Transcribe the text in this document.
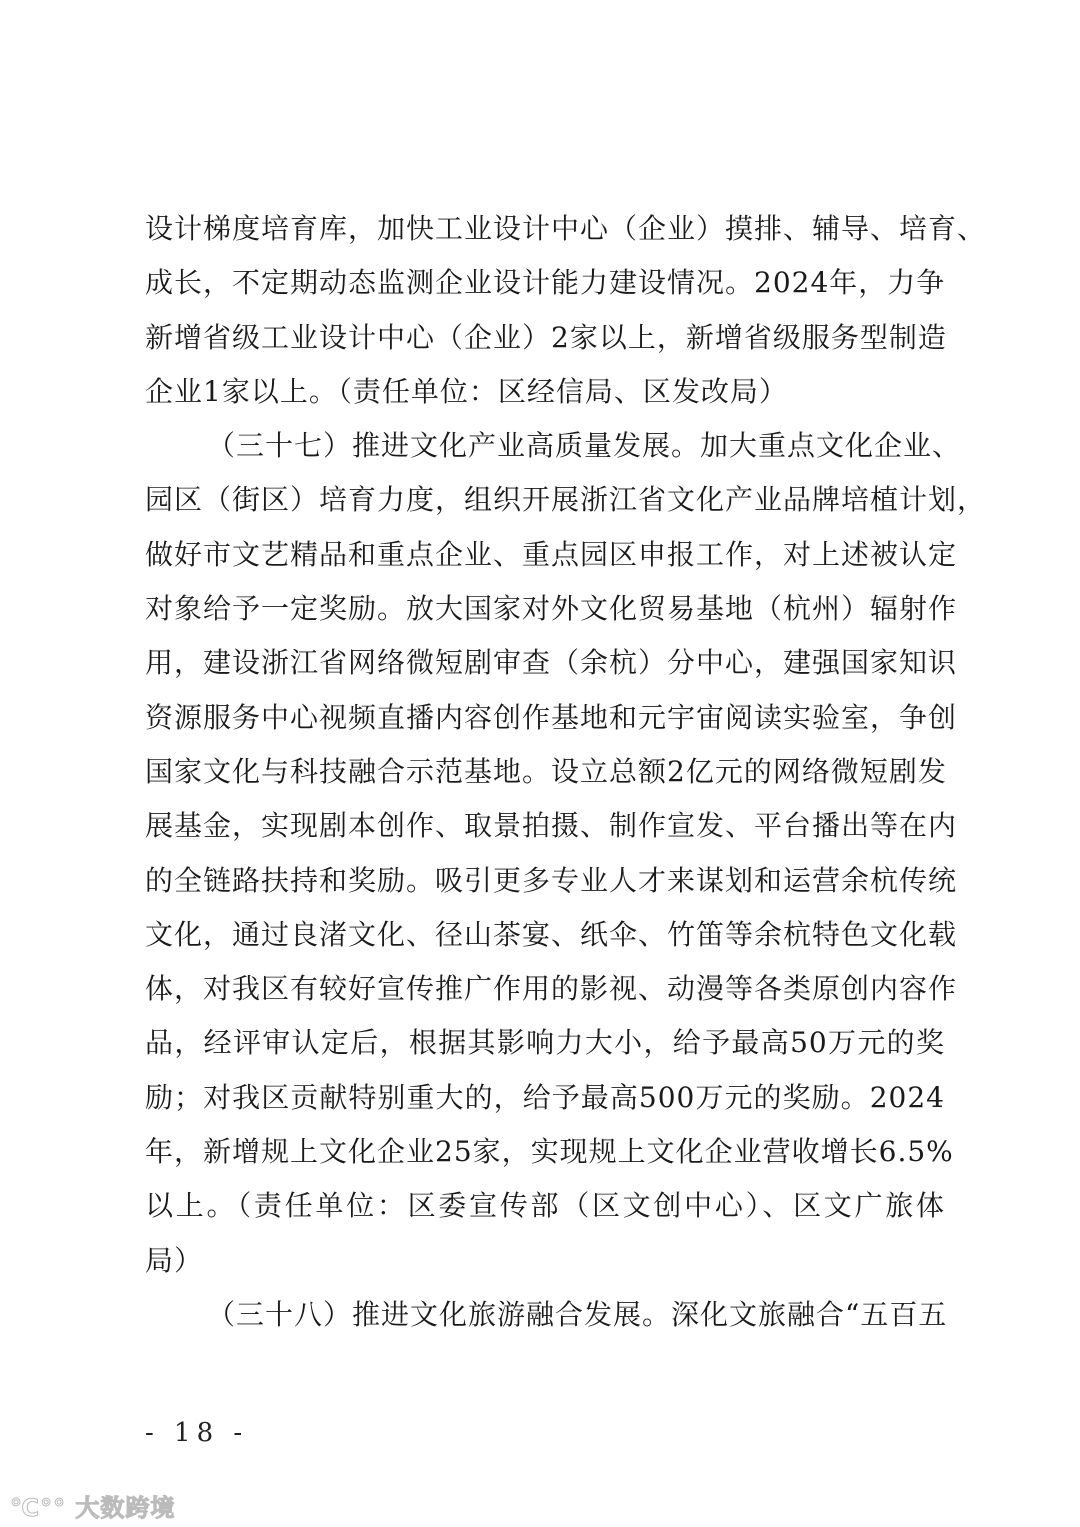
设计梯度培育库，加快工业设计中心（企业）摸排、辅导、培育、
成长，不定期动态监测企业设计能力建设情况。2024年，力争
新增省级工业设计中心（企业）2家以上，新增省级服务型制造
企业1家以上。（责任单位：区经信局、区发改局）
（三十七）推进文化产业高质量发展。加大重点文化企业、
园区（街区）培育力度，组织开展浙江省文化产业品牌培植计划，
做好市文艺精品和重点企业、重点园区申报工作，对上述被认定
对象给予一定奖励。放大国家对外文化贸易基地（杭州）辐射作
用，建设浙江省网络微短剧审查（余杭）分中心，建强国家知识
资源服务中心视频直播内容创作基地和元宇宙阅读实验室，争创
国家文化与科技融合示范基地。设立总额2亿元的网络微短剧发
展基金，实现剧本创作、取景拍摄、制作宣发、平台播出等在内
的全链路扶持和奖励。吸引更多专业人才来谋划和运营余杭传统
文化，通过良渚文化、径山茶宴、纸伞、竹笛等余杭特色文化载
体，对我区有较好宣传推广作用的影视、动漫等各类原创内容作
品，经评审认定后，根据其影响力大小，给予最高50万元的奖
励；对我区贡献特别重大的，给予最高500万元的奖励。2024
年，新增规上文化企业25家，实现规上文化企业营收增长6.5%
以上。（责任单位：区委宣传部（区文创中心）、区文广旅体
局）
（三十八）推进文化旅游融合发展。深化文旅融合“五百五
- 18 -
℃°° 大数跨境
